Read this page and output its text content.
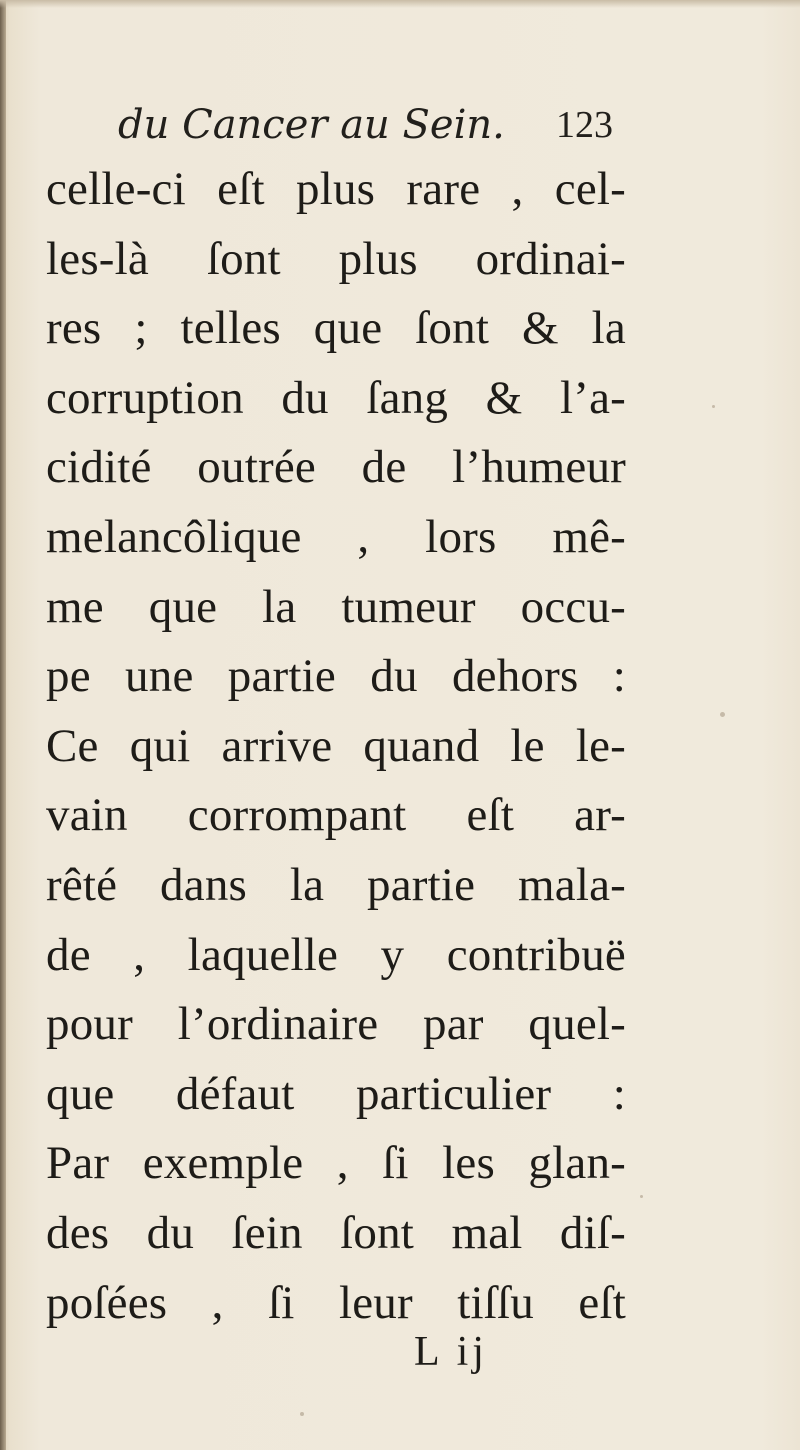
du Cancer au Sein. 123
celle-ci eſt plus rare , cel-
les-là ſont plus ordinai-
res ; telles que ſont & la
corruption du ſang & l’a-
cidité outrée de l’humeur
melancôlique , lors mê-
me que la tumeur occu-
pe une partie du dehors :
Ce qui arrive quand le le-
vain corrompant eſt ar-
rêté dans la partie mala-
de , laquelle y contribuë
pour l’ordinaire par quel-
que défaut particulier :
Par exemple , ſi les glan-
des du ſein ſont mal diſ-
poſées , ſi leur tiſſu eſt
L ij
